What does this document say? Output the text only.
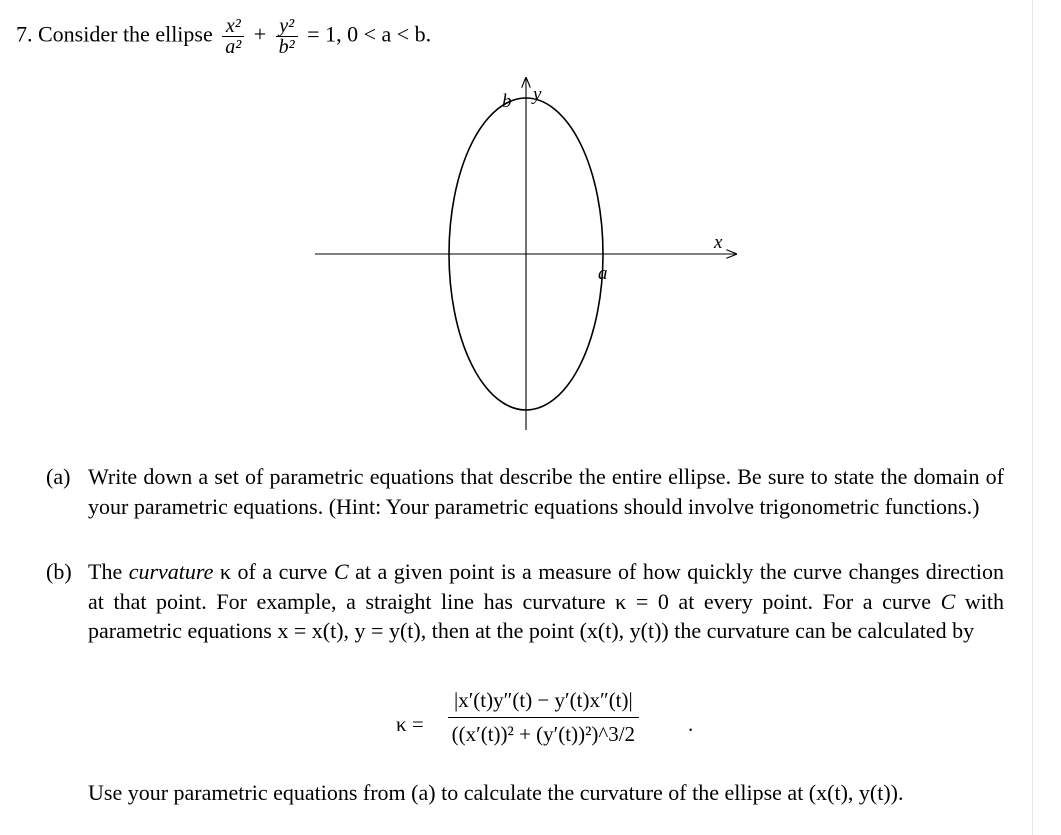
7. Consider the ellipse $\frac{\text{x²}}{\text{a²}} + \frac{\text{y²}}{\text{b²}} = 1$, 0 < a < b.
x
y
b
a
(a) Write down a set of parametric equations that describe the entire ellipse. Be sure to state the domain of your parametric equations. (Hint: Your parametric equations should involve trigonometric functions.)
(b) The curvature κ of a curve C at a given point is a measure of how quickly the curve changes direction at that point. For example, a straight line has curvature κ = 0 at every point. For a curve C with parametric equations x = x(t), y = y(t), then at the point (x(t), y(t)) the curvature can be calculated by
$\kappa = \frac{|x'(t)y''(t) - y'(t)x''(t)|}{\text{((x′(t))² + (y′(t))²)\textasciicircum{}3/2}}$ .
Use your parametric equations from (a) to calculate the curvature of the ellipse at (x(t), y(t)).
